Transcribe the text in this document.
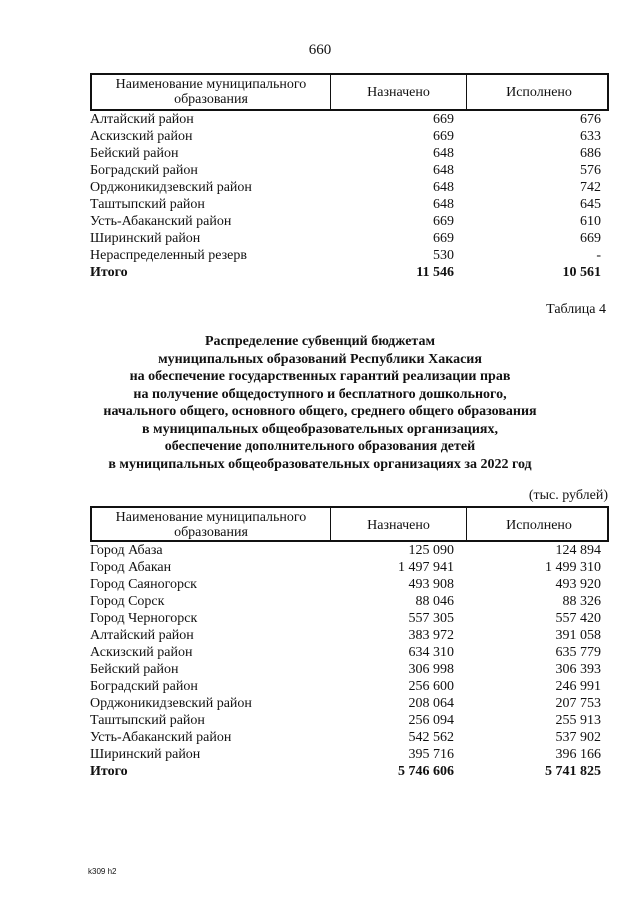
660
Наименование муниципального образования	Назначено	Исполнено
Алтайский район	669	676
Аскизский район	669	633
Бейский район	648	686
Боградский район	648	576
Орджоникидзевский район	648	742
Таштыпский район	648	645
Усть-Абаканский район	669	610
Ширинский район	669	669
Нераспределенный резерв	530	-
Итого	11 546	10 561
Таблица 4
Распределение субвенций бюджетам
муниципальных образований Республики Хакасия
на обеспечение государственных гарантий реализации прав
на получение общедоступного и бесплатного дошкольного,
начального общего, основного общего, среднего общего образования
в муниципальных общеобразовательных организациях,
обеспечение дополнительного образования детей
в муниципальных общеобразовательных организациях за 2022 год
(тыс. рублей)
Наименование муниципального образования	Назначено	Исполнено
Город Абаза	125 090	124 894
Город Абакан	1 497 941	1 499 310
Город Саяногорск	493 908	493 920
Город Сорск	88 046	88 326
Город Черногорск	557 305	557 420
Алтайский район	383 972	391 058
Аскизский район	634 310	635 779
Бейский район	306 998	306 393
Боградский район	256 600	246 991
Орджоникидзевский район	208 064	207 753
Таштыпский район	256 094	255 913
Усть-Абаканский район	542 562	537 902
Ширинский район	395 716	396 166
Итого	5 746 606	5 741 825
k309 h2
